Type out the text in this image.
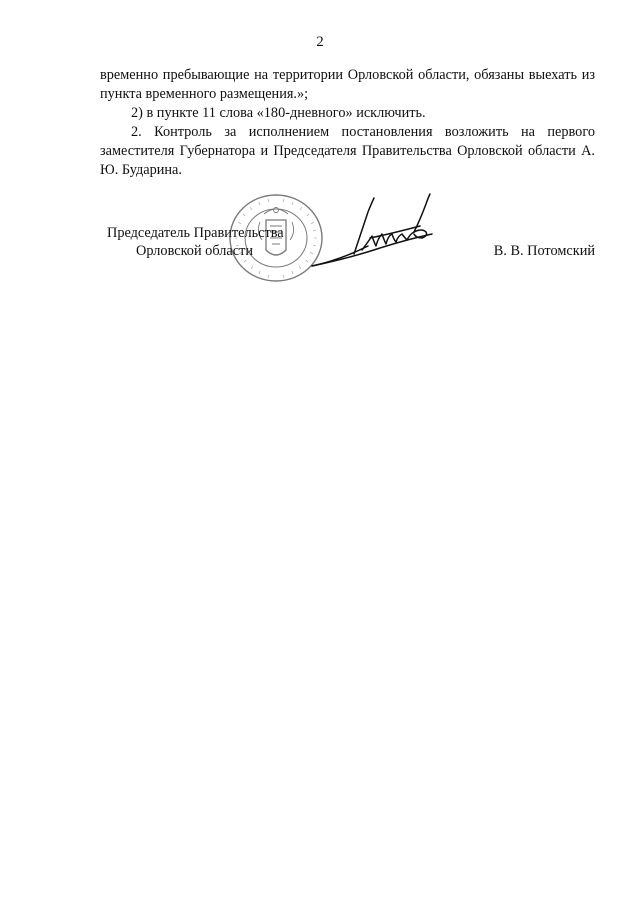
2

временно пребывающие на территории Орловской области, обязаны выехать из пункта временного размещения.»;

2) в пункте 11 слова «180-дневного» исключить.

2. Контроль за исполнением постановления возложить на первого заместителя Губернатора и Председателя Правительства Орловской области А. Ю. Бударина.

Председатель Правительства
Орловской области	В. В. Потомский
